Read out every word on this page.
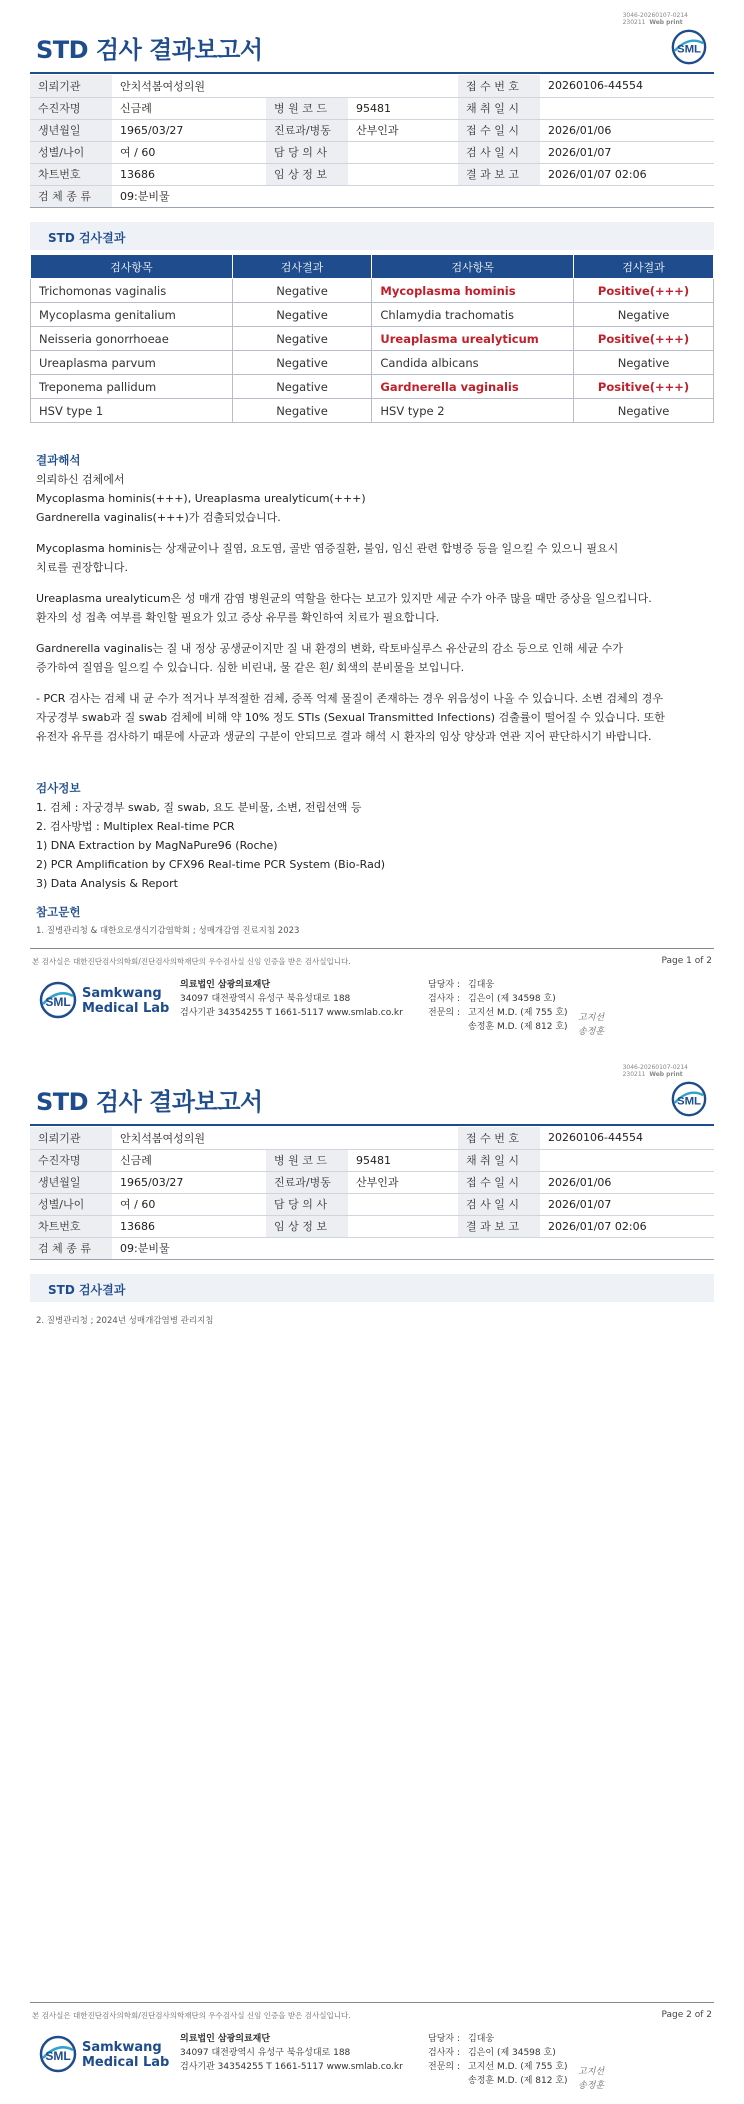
3046-20260107-0214
230211 Web print
STD 검사 결과보고서	SML
의뢰기관	안치석봄여성의원			접 수 번 호	20260106-44554
수진자명	신금례	병 원 코 드	95481	채 취 일 시	
생년월일	1965/03/27	진료과/병동	산부인과	접 수 일 시	2026/01/06
성별/나이	여 / 60	담 당 의 사		검 사 일 시	2026/01/07
차트번호	13686	임 상 정 보		결 과 보 고	2026/01/07 02:06
검 체 종 류	09:분비물				
STD 검사결과
검사항목	검사결과	검사항목	검사결과
Trichomonas vaginalis	Negative	Mycoplasma hominis	Positive(+++)
Mycoplasma genitalium	Negative	Chlamydia trachomatis	Negative
Neisseria gonorrhoeae	Negative	Ureaplasma urealyticum	Positive(+++)
Ureaplasma parvum	Negative	Candida albicans	Negative
Treponema pallidum	Negative	Gardnerella vaginalis	Positive(+++)
HSV type 1	Negative	HSV type 2	Negative
결과해석

의뢰하신 검체에서

Mycoplasma hominis(+++), Ureaplasma urealyticum(+++)

Gardnerella vaginalis(+++)가 검출되었습니다.

Mycoplasma hominis는 상재균이나 질염, 요도염, 골반 염증질환, 불임, 임신 관련 합병증 등을 일으킬 수 있으니 필요시

치료를 권장합니다.

Ureaplasma urealyticum은 성 매개 감염 병원균의 역할을 한다는 보고가 있지만 세균 수가 아주 많을 때만 증상을 일으킵니다.

환자의 성 접촉 여부를 확인할 필요가 있고 증상 유무를 확인하여 치료가 필요합니다.

Gardnerella vaginalis는 질 내 정상 공생균이지만 질 내 환경의 변화, 락토바실루스 유산균의 감소 등으로 인해 세균 수가

증가하여 질염을 일으킬 수 있습니다. 심한 비린내, 물 같은 흰/ 회색의 분비물을 보입니다.

- PCR 검사는 검체 내 균 수가 적거나 부적절한 검체, 증폭 억제 물질이 존재하는 경우 위음성이 나올 수 있습니다. 소변 검체의 경우

자궁경부 swab과 질 swab 검체에 비해 약 10% 정도 STIs (Sexual Transmitted Infections) 검출률이 떨어질 수 있습니다. 또한

유전자 유무를 검사하기 때문에 사균과 생균의 구분이 안되므로 결과 해석 시 환자의 임상 양상과 연관 지어 판단하시기 바랍니다.

검사정보

1. 검체 : 자궁경부 swab, 질 swab, 요도 분비물, 소변, 전립선액 등

2. 검사방법 : Multiplex Real-time PCR

1) DNA Extraction by MagNaPure96 (Roche)

2) PCR Amplification by CFX96 Real-time PCR System (Bio-Rad)

3) Data Analysis & Report

참고문헌
1. 질병관리청 & 대한요로생식기감염학회 ; 성매개감염 진료지침 2023
본 검사실은 대한진단검사의학회/진단검사의학재단의 우수검사실 신임 인증을 받은 검사실입니다.	Page 1 of 2
SML
Samkwang
Medical Lab
의료법인 삼광의료재단
34097 대전광역시 유성구 북유성대로 188
검사기관 34354255 T 1661-5117 www.smlab.co.kr
담당자 : 김대웅
검사자 : 김은이 (제 34598 호)
전문의 : 고지선 M.D. (제 755 호)
송정훈 M.D. (제 812 호)
고지선
송정훈
3046-20260107-0214
230211 Web print
STD 검사 결과보고서	SML
의뢰기관	안치석봄여성의원			접 수 번 호	20260106-44554
수진자명	신금례	병 원 코 드	95481	채 취 일 시	
생년월일	1965/03/27	진료과/병동	산부인과	접 수 일 시	2026/01/06
성별/나이	여 / 60	담 당 의 사		검 사 일 시	2026/01/07
차트번호	13686	임 상 정 보		결 과 보 고	2026/01/07 02:06
검 체 종 류	09:분비물				
STD 검사결과
2. 질병관리청 ; 2024년 성매개감염병 관리지침
본 검사실은 대한진단검사의학회/진단검사의학재단의 우수검사실 신임 인증을 받은 검사실입니다.	Page 2 of 2
SML
Samkwang
Medical Lab
의료법인 삼광의료재단
34097 대전광역시 유성구 북유성대로 188
검사기관 34354255 T 1661-5117 www.smlab.co.kr
담당자 : 김대웅
검사자 : 김은이 (제 34598 호)
전문의 : 고지선 M.D. (제 755 호)
송정훈 M.D. (제 812 호)
고지선
송정훈
